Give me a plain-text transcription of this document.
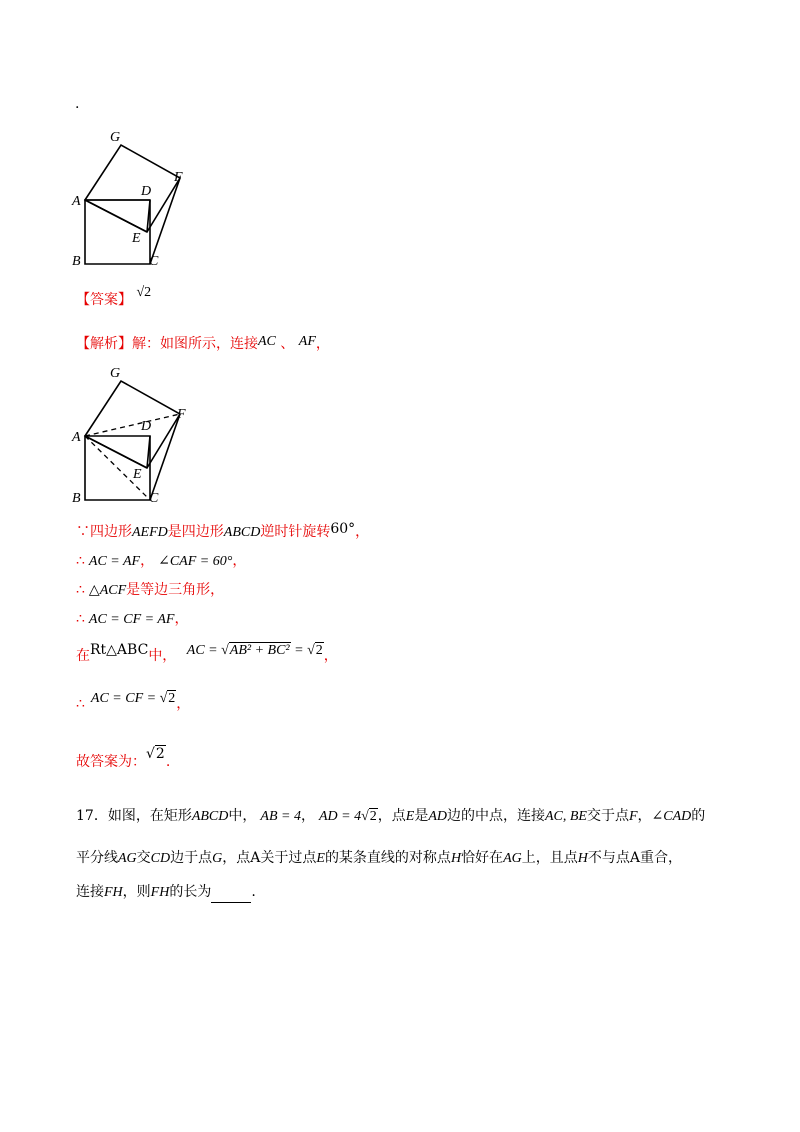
.
G
F
A
D
E
B	C
【答案】 √2
【解析】解：如图所示，连接AC 、 AF，
G
F
A
D
E
B	C
∵四边形AEFD是四边形ABCD逆时针旋转60°，
∴ AC = AF， ∠CAF = 60°，
∴ △ACF是等边三角形，
∴ AC = CF = AF，
在Rt△ABC中， AC = √AB² + BC² = √2，
∴ AC = CF = √2，
故答案为：√2.
17．如图，在矩形ABCD中， AB = 4， AD = 4√2，点E是AD边的中点，连接AC, BE交于点F，∠CAD的
平分线AG交CD边于点G，点A关于过点E的某条直线的对称点H恰好在AG上，且点H不与点A重合，
连接FH，则FH的长为	.
